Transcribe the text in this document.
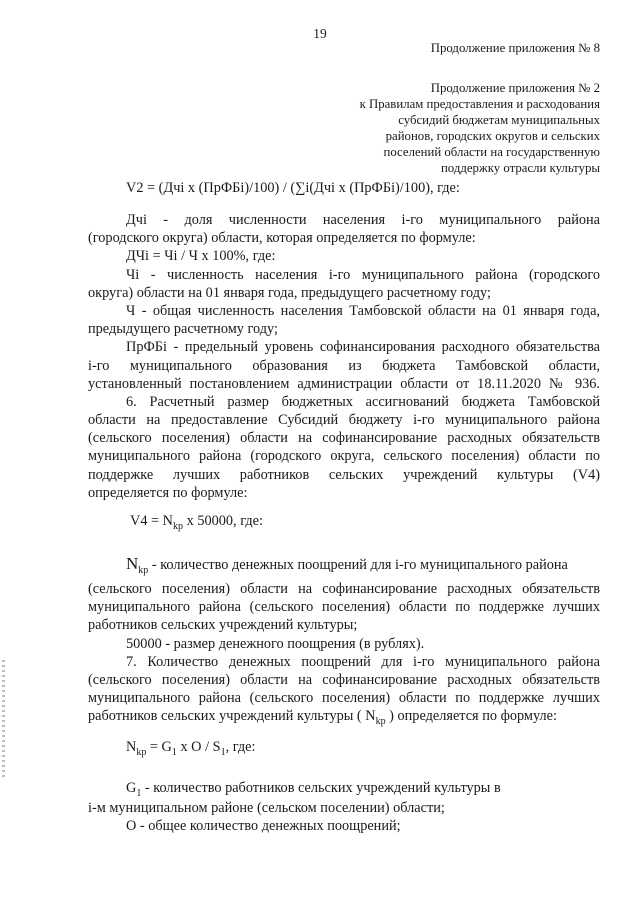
19
Продолжение приложения № 8
Продолжение приложения № 2
к Правилам предоставления и расходования
субсидий бюджетам муниципальных
районов, городских округов и сельских
поселений области на государственную
поддержку отрасли культуры
V2 = (Дчі х (ПрФБі)/100) / (∑і(Дчі х (ПрФБі)/100), где:
Дчі - доля численности населения і-го муниципального района
(городского округа) области, которая определяется по формуле:
ДЧі = Чі / Ч х 100%, где:
Чі - численность населения і-го муниципального района (городского
округа) области на 01 января года, предыдущего расчетному году;
Ч - общая численность населения Тамбовской области на 01 января года,
предыдущего расчетному году;
ПрФБі - предельный уровень софинансирования расходного обязательства
і-го муниципального образования из бюджета Тамбовской области,
установленный постановлением администрации области от 18.11.2020 № 936.
6. Расчетный размер бюджетных ассигнований бюджета Тамбовской
области на предоставление Субсидий бюджету і-го муниципального района
(сельского поселения) области на софинансирование расходных обязательств
муниципального района (городского округа, сельского поселения) области по
поддержке лучших работников сельских учреждений культуры (V4)
определяется по формуле:
$V4 = N_{kp}$ x 50000, где:
$N_{kp}$ - количество денежных поощрений для і-го муниципального района
(сельского поселения) области на софинансирование расходных обязательств
муниципального района (сельского поселения) области по поддержке лучших
работников сельских учреждений культуры;
50000 - размер денежного поощрения (в рублях).
7. Количество денежных поощрений для і-го муниципального района
(сельского поселения) области на софинансирование расходных обязательств
муниципального района (сельского поселения) области по поддержке лучших
работников сельских учреждений культуры ( $N_{kp}$ ) определяется по формуле:
$N_{kp} = G_1$ x O / $S_1$, где:
$G_1$ - количество работников сельских учреждений культуры в
і-м муниципальном районе (сельском поселении) области;
О - общее количество денежных поощрений;
